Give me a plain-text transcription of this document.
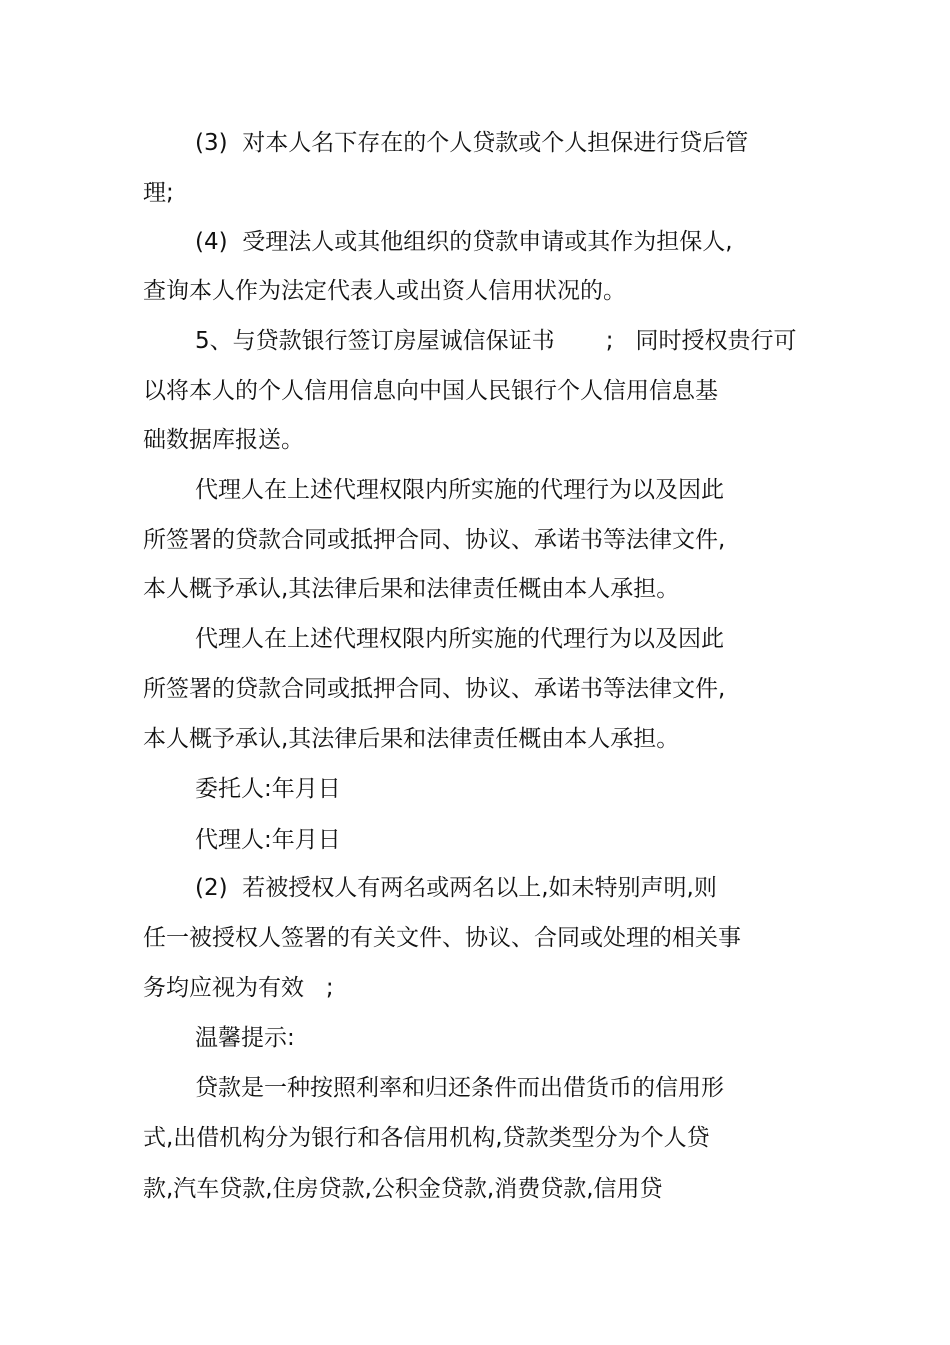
(3)  对本人名下存在的个人贷款或个人担保进行贷后管
理;
(4)  受理法人或其他组织的贷款申请或其作为担保人,
查询本人作为法定代表人或出资人信用状况的。
5、与贷款银行签订房屋诚信保证书       ;   同时授权贵行可
以将本人的个人信用信息向中国人民银行个人信用信息基
础数据库报送。
代理人在上述代理权限内所实施的代理行为以及因此
所签署的贷款合同或抵押合同、协议、承诺书等法律文件,
本人概予承认,其法律后果和法律责任概由本人承担。
代理人在上述代理权限内所实施的代理行为以及因此
所签署的贷款合同或抵押合同、协议、承诺书等法律文件,
本人概予承认,其法律后果和法律责任概由本人承担。
委托人:年月日
代理人:年月日
(2)  若被授权人有两名或两名以上,如未特别声明,则
任一被授权人签署的有关文件、协议、合同或处理的相关事
务均应视为有效   ;
温馨提示:
贷款是一种按照利率和归还条件而出借货币的信用形
式,出借机构分为银行和各信用机构,贷款类型分为个人贷
款,汽车贷款,住房贷款,公积金贷款,消费贷款,信用贷
